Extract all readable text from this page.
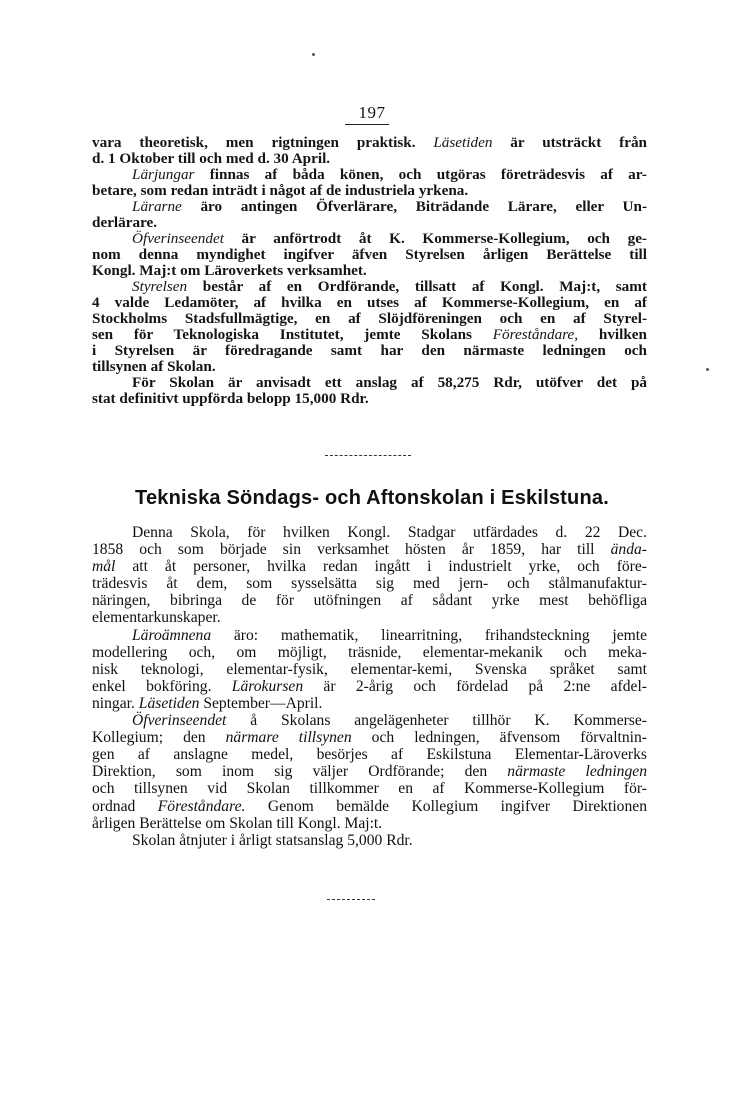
197
vara theoretisk, men rigtningen praktisk. Läsetiden är utsträckt från
d. 1 Oktober till och med d. 30 April.
Lärjungar finnas af båda könen, och utgöras företrädesvis af ar-
betare, som redan inträdt i något af de industriela yrkena.
Lärarne äro antingen Öfverlärare, Biträdande Lärare, eller Un-
derlärare.
Öfverinseendet är anförtrodt åt K. Kommerse-Kollegium, och ge-
nom denna myndighet ingifver äfven Styrelsen årligen Berättelse till
Kongl. Maj:t om Läroverkets verksamhet.
Styrelsen består af en Ordförande, tillsatt af Kongl. Maj:t, samt
4 valde Ledamöter, af hvilka en utses af Kommerse-Kollegium, en af
Stockholms Stadsfullmägtige, en af Slöjdföreningen och en af Styrel-
sen för Teknologiska Institutet, jemte Skolans Föreståndare, hvilken
i Styrelsen är föredragande samt har den närmaste ledningen och
tillsynen af Skolan.
För Skolan är anvisadt ett anslag af 58,275 Rdr, utöfver det på
stat definitivt uppförda belopp 15,000 Rdr.
Tekniska Söndags- och Aftonskolan i Eskilstuna.
Denna Skola, för hvilken Kongl. Stadgar utfärdades d. 22 Dec.
1858 och som började sin verksamhet hösten år 1859, har till ända-
mål att åt personer, hvilka redan ingått i industrielt yrke, och före-
trädesvis åt dem, som sysselsätta sig med jern- och stålmanufaktur-
näringen, bibringa de för utöfningen af sådant yrke mest behöfliga
elementarkunskaper.
Läroämnena äro: mathematik, linearritning, frihandsteckning jemte
modellering och, om möjligt, träsnide, elementar-mekanik och meka-
nisk teknologi, elementar-fysik, elementar-kemi, Svenska språket samt
enkel bokföring. Lärokursen är 2-årig och fördelad på 2:ne afdel-
ningar. Läsetiden September—April.
Öfverinseendet å Skolans angelägenheter tillhör K. Kommerse-
Kollegium; den närmare tillsynen och ledningen, äfvensom förvaltnin-
gen af anslagne medel, besörjes af Eskilstuna Elementar-Läroverks
Direktion, som inom sig väljer Ordförande; den närmaste ledningen
och tillsynen vid Skolan tillkommer en af Kommerse-Kollegium för-
ordnad Föreståndare. Genom bemälde Kollegium ingifver Direktionen
årligen Berättelse om Skolan till Kongl. Maj:t.
Skolan åtnjuter i årligt statsanslag 5,000 Rdr.
